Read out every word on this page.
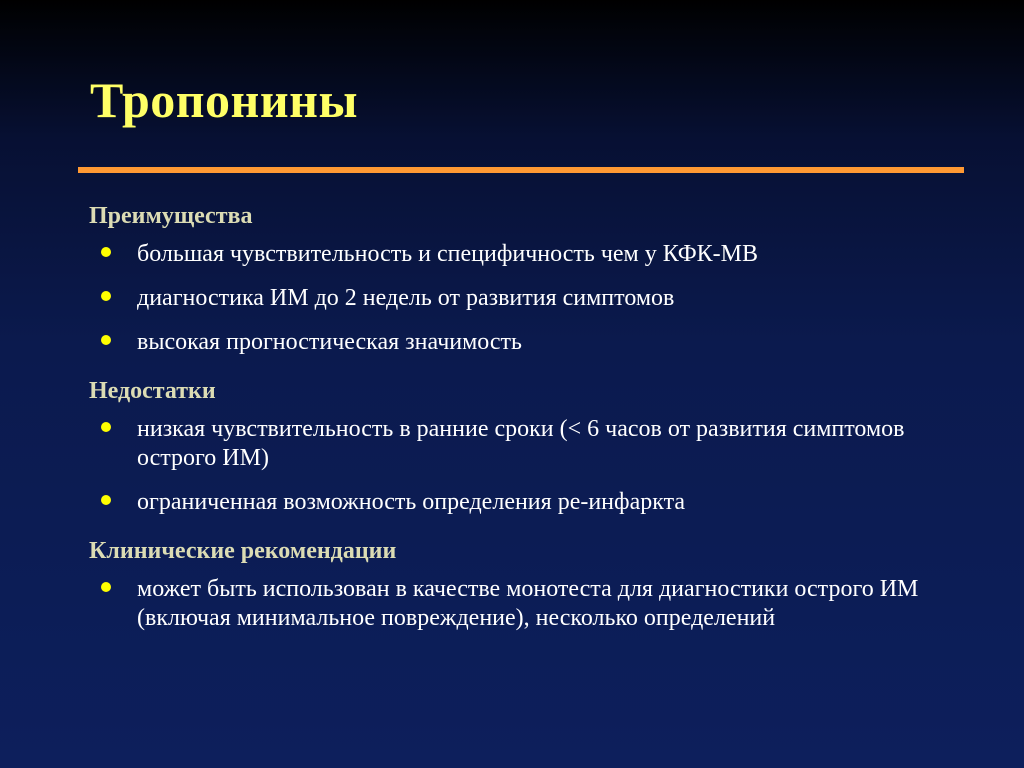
Тропонины
Преимущества
большая чувствительность и специфичность чем у КФК-МВ
диагностика ИМ до 2 недель от развития симптомов
высокая прогностическая значимость
Недостатки
низкая чувствительность в ранние сроки (< 6 часов от развития симптомов острого ИМ)
ограниченная возможность определения ре-инфаркта
Клинические рекомендации
может быть использован в качестве монотеста для диагностики острого ИМ (включая минимальное повреждение), несколько определений
